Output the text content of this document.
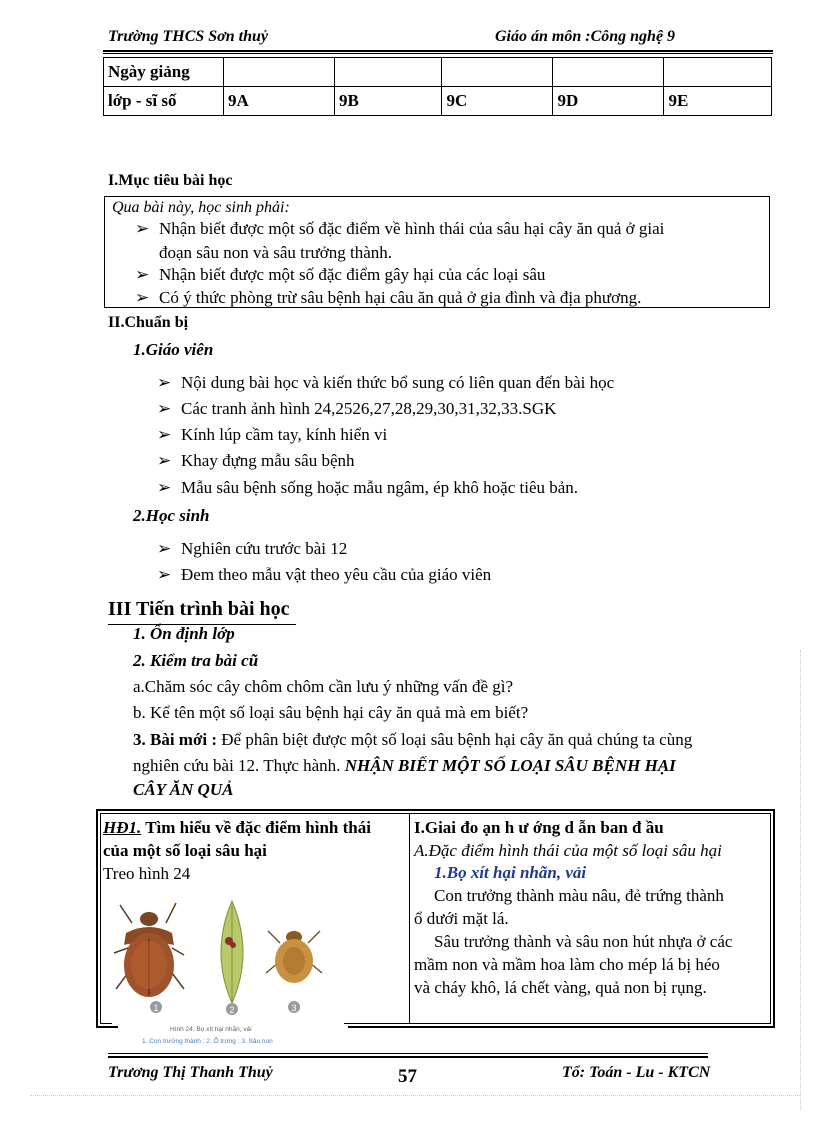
Trường THCS Sơn thuỷ	Giáo án môn :Công nghệ 9
Ngày giảng					
lớp - sĩ số	9A	9B	9C	9D	9E
I.Mục tiêu bài học
Qua bài này, học sinh phải:
➢ Nhận biết được một số đặc điểm về hình thái của sâu hại cây ăn quả ở giai
đoạn sâu non và sâu trưởng thành.
➢ Nhận biết được một số đặc điểm gây hại của các loại sâu
➢ Có ý thức phòng trừ sâu bệnh hại câu ăn quả ở gia đình và địa phương.
II.Chuẩn bị
1.Giáo viên
➢ Nội dung bài học và kiến thức bổ sung có liên quan đến bài học
➢ Các tranh ảnh hình 24,2526,27,28,29,30,31,32,33.SGK
➢ Kính lúp cầm tay, kính hiển vi
➢ Khay đựng mẫu sâu bệnh
➢ Mẫu sâu bệnh sống hoặc mẫu ngâm, ép khô hoặc tiêu bản.
2.Học sinh
➢ Nghiên cứu trước bài 12
➢ Đem theo mẫu vật theo yêu cầu của giáo viên
III Tiến trình bài học
1. Ổn định lớp
2. Kiểm tra bài cũ
a.Chăm sóc cây chôm chôm cần lưu ý những vấn đề gì?
b. Kể tên một số loại sâu bệnh hại cây ăn quả mà em biết?
3. Bài mới : Để phân biệt được một số loại sâu bệnh hại cây ăn quả chúng ta cùng
nghiên cứu bài 12. Thực hành. NHẬN BIẾT MỘT SỐ LOẠI SÂU BỆNH HẠI
CÂY ĂN QUẢ
HĐ1. Tìm hiểu về đặc điểm hình thái
của một số loại sâu hại
Treo hình 24
1	2	3
Hình 24. Bọ xít hại nhãn, vải
1. Con trưởng thành ; 2. Ổ trứng ; 3. Sâu non
I.Giai đo ạn h ư ớng d ẫn ban đ ầu
A.Đặc điểm hình thái của một số loại sâu hại
1.Bọ xít hại nhãn, vải
Con trưởng thành màu nâu, đẻ trứng thành
ổ dưới mặt lá.
Sâu trưởng thành và sâu non hút nhựa ở các
mầm non và mầm hoa làm cho mép lá bị héo
và cháy khô, lá chết vàng, quả non bị rụng.
Trương Thị Thanh Thuỷ	57	Tổ: Toán - Lu - KTCN
